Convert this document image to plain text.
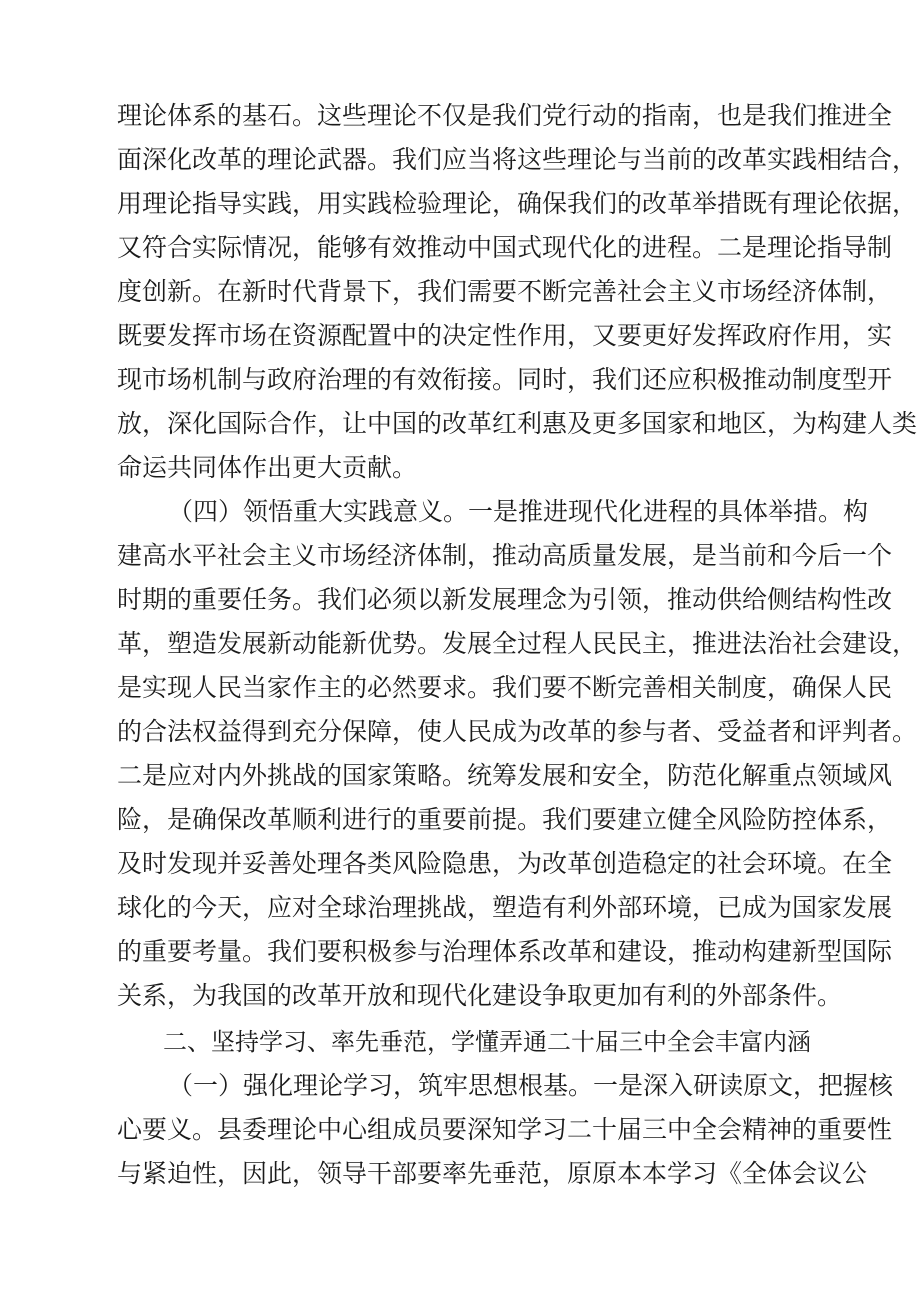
理论体系的基石。这些理论不仅是我们党行动的指南，也是我们推进全
面深化改革的理论武器。我们应当将这些理论与当前的改革实践相结合，
用理论指导实践，用实践检验理论，确保我们的改革举措既有理论依据，
又符合实际情况，能够有效推动中国式现代化的进程。二是理论指导制
度创新。在新时代背景下，我们需要不断完善社会主义市场经济体制，
既要发挥市场在资源配置中的决定性作用，又要更好发挥政府作用，实
现市场机制与政府治理的有效衔接。同时，我们还应积极推动制度型开
放，深化国际合作，让中国的改革红利惠及更多国家和地区，为构建人类
命运共同体作出更大贡献。
（四）领悟重大实践意义。一是推进现代化进程的具体举措。构
建高水平社会主义市场经济体制，推动高质量发展，是当前和今后一个
时期的重要任务。我们必须以新发展理念为引领，推动供给侧结构性改
革，塑造发展新动能新优势。发展全过程人民民主，推进法治社会建设，
是实现人民当家作主的必然要求。我们要不断完善相关制度，确保人民
的合法权益得到充分保障，使人民成为改革的参与者、受益者和评判者。
二是应对内外挑战的国家策略。统筹发展和安全，防范化解重点领域风
险，是确保改革顺利进行的重要前提。我们要建立健全风险防控体系，
及时发现并妥善处理各类风险隐患，为改革创造稳定的社会环境。在全
球化的今天，应对全球治理挑战，塑造有利外部环境，已成为国家发展
的重要考量。我们要积极参与治理体系改革和建设，推动构建新型国际
关系，为我国的改革开放和现代化建设争取更加有利的外部条件。
二、坚持学习、率先垂范，学懂弄通二十届三中全会丰富内涵
（一）强化理论学习，筑牢思想根基。一是深入研读原文，把握核
心要义。县委理论中心组成员要深知学习二十届三中全会精神的重要性
与紧迫性，因此，领导干部要率先垂范，原原本本学习《全体会议公
